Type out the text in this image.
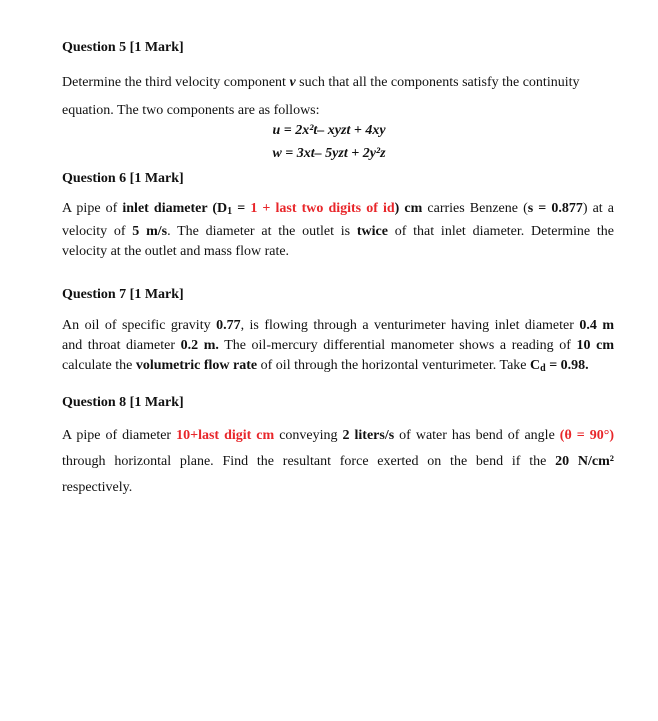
Question 5 [1 Mark]

Determine the third velocity component v such that all the components satisfy the continuity
equation. The two components are as follows:

u = 2x²t– xyzt + 4xy

w = 3xt– 5yzt + 2y²z

Question 6 [1 Mark]

A pipe of inlet diameter ($D_1 = 1$ + last two digits of id) cm carries Benzene (s = 0.877) at a
velocity of 5 m/s. The diameter at the outlet is twice of that inlet diameter. Determine the
velocity at the outlet and mass flow rate.

Question 7 [1 Mark]

An oil of specific gravity 0.77, is flowing through a venturimeter having inlet diameter 0.4 m
and throat diameter 0.2 m. The oil-mercury differential manometer shows a reading of 10 cm
calculate the volumetric flow rate of oil through the horizontal venturimeter. Take $C_d = 0.98$.

Question 8 [1 Mark]

A pipe of diameter 10+last digit cm conveying 2 liters/s of water has bend of angle (θ = 90°)
through horizontal plane. Find the resultant force exerted on the bend if the 20 N/cm²
respectively.
